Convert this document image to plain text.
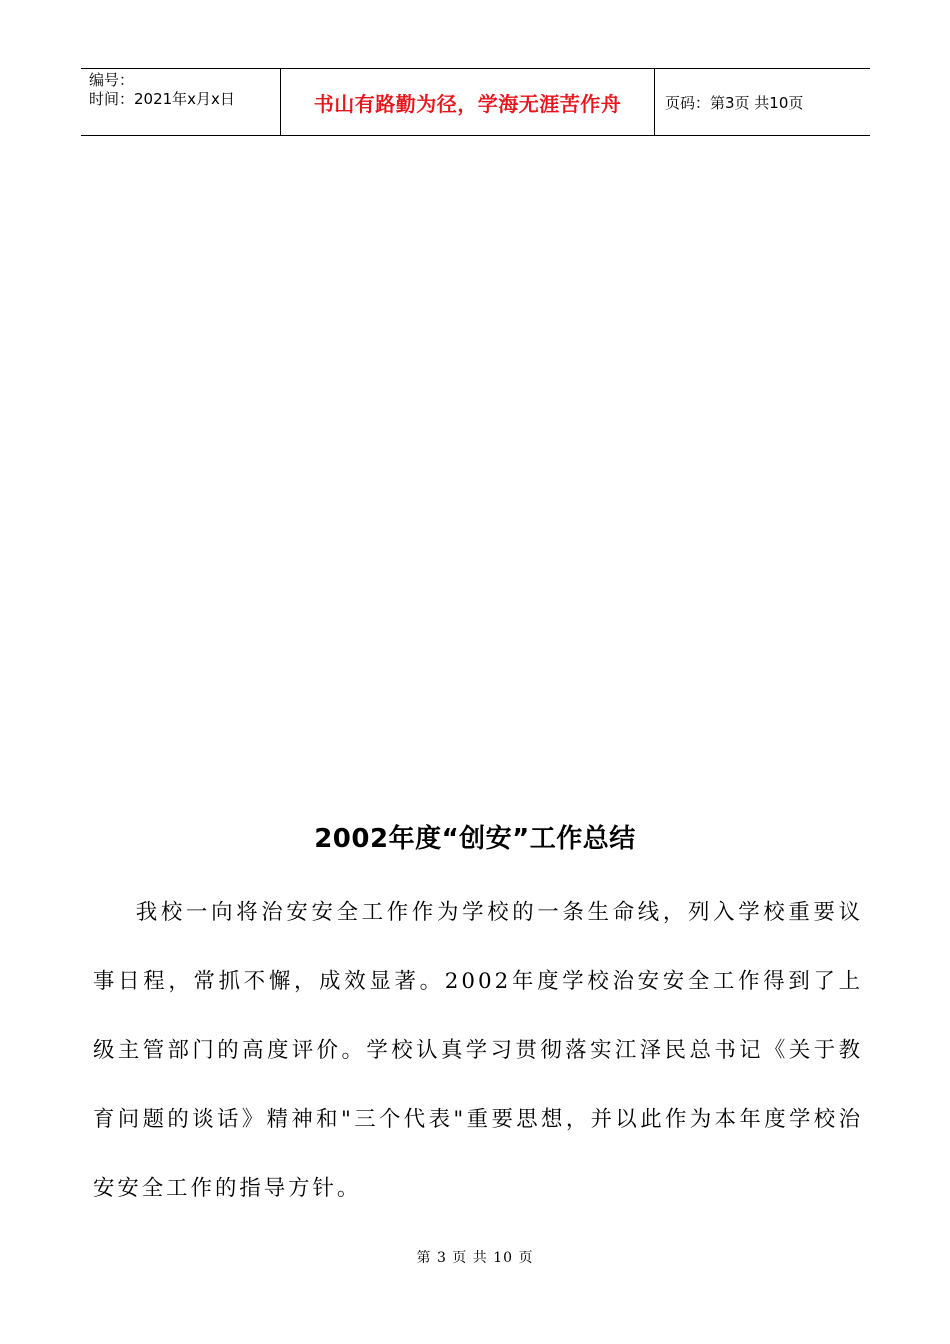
编号：
时间：2021年x月x日	书山有路勤为径，学海无涯苦作舟	页码：第3页 共10页
2002年度“创安”工作总结

我校一向将治安安全工作作为学校的一条生命线，列入学校重要议事日程，常抓不懈，成效显著。2002年度学校治安安全工作得到了上级主管部门的高度评价。学校认真学习贯彻落实江泽民总书记《关于教育问题的谈话》精神和"三个代表"重要思想，并以此作为本年度学校治安安全工作的指导方针。

第 3 页 共 10 页
